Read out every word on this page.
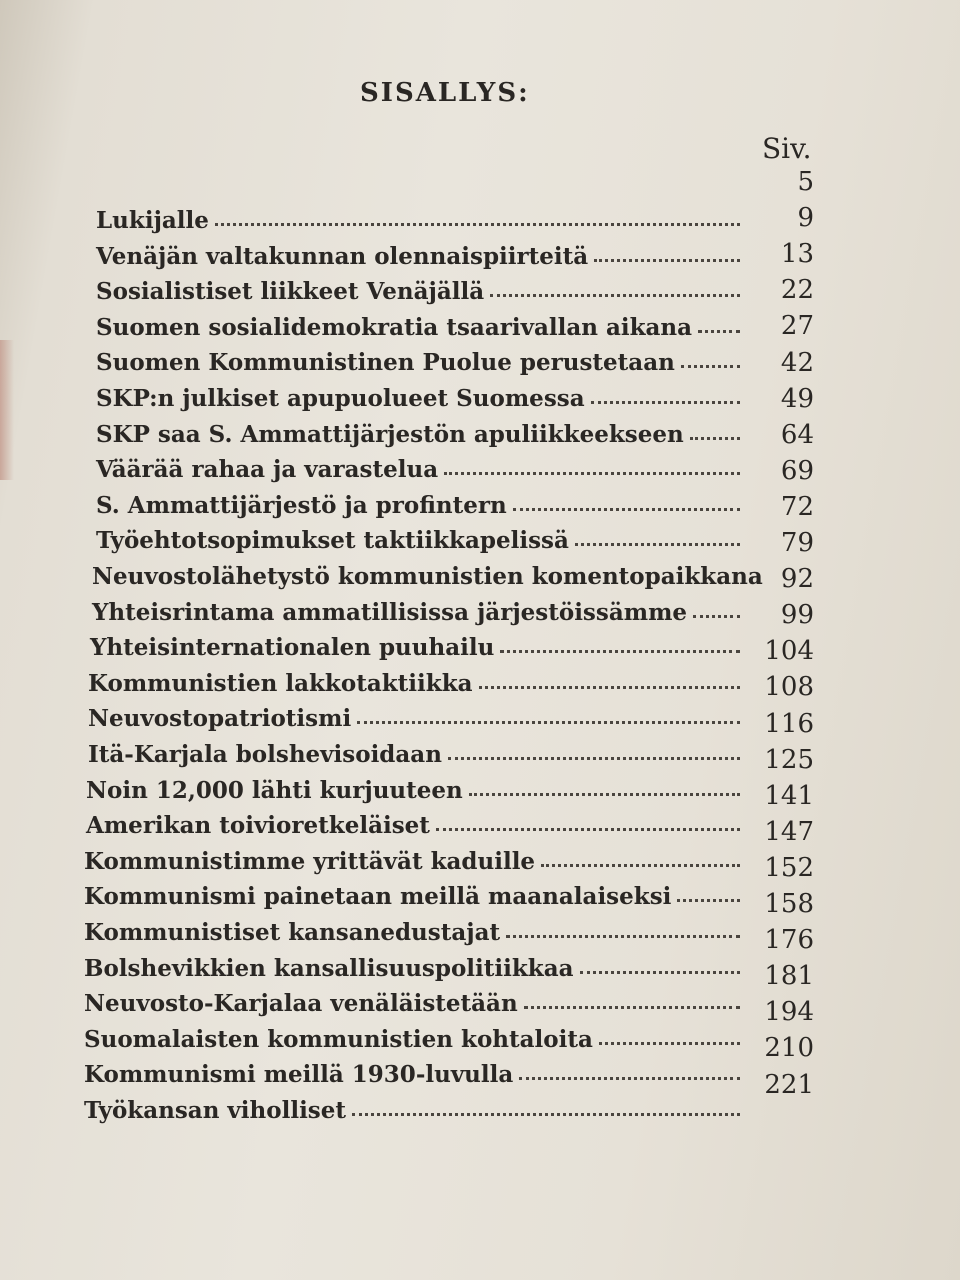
SISALLYS:
Siv.
Lukijalle
5
Venäjän valtakunnan olennaispiirteitä
9
Sosialistiset liikkeet Venäjällä
13
Suomen sosialidemokratia tsaarivallan aikana
22
Suomen Kommunistinen Puolue perustetaan
27
SKP:n julkiset apupuolueet Suomessa
42
SKP saa S. Ammattijärjestön apuliikkeekseen
49
Väärää rahaa ja varastelua
64
S. Ammattijärjestö ja profintern
69
Työehtotsopimukset taktiikkapelissä
72
Neuvostolähetystö kommunistien komentopaikkana
79
Yhteisrintama ammatillisissa järjestöissämme
92
Yhteisinternationalen puuhailu
99
Kommunistien lakkotaktiikka
104
Neuvostopatriotismi
108
Itä-Karjala bolshevisoidaan
116
Noin 12,000 lähti kurjuuteen
125
Amerikan toivioretkeläiset
141
Kommunistimme yrittävät kaduille
147
Kommunismi painetaan meillä maanalaiseksi
152
Kommunistiset kansanedustajat
158
Bolshevikkien kansallisuuspolitiikkaa
176
Neuvosto-Karjalaa venäläistetään
181
Suomalaisten kommunistien kohtaloita
194
Kommunismi meillä 1930-luvulla
210
Työkansan viholliset
221
